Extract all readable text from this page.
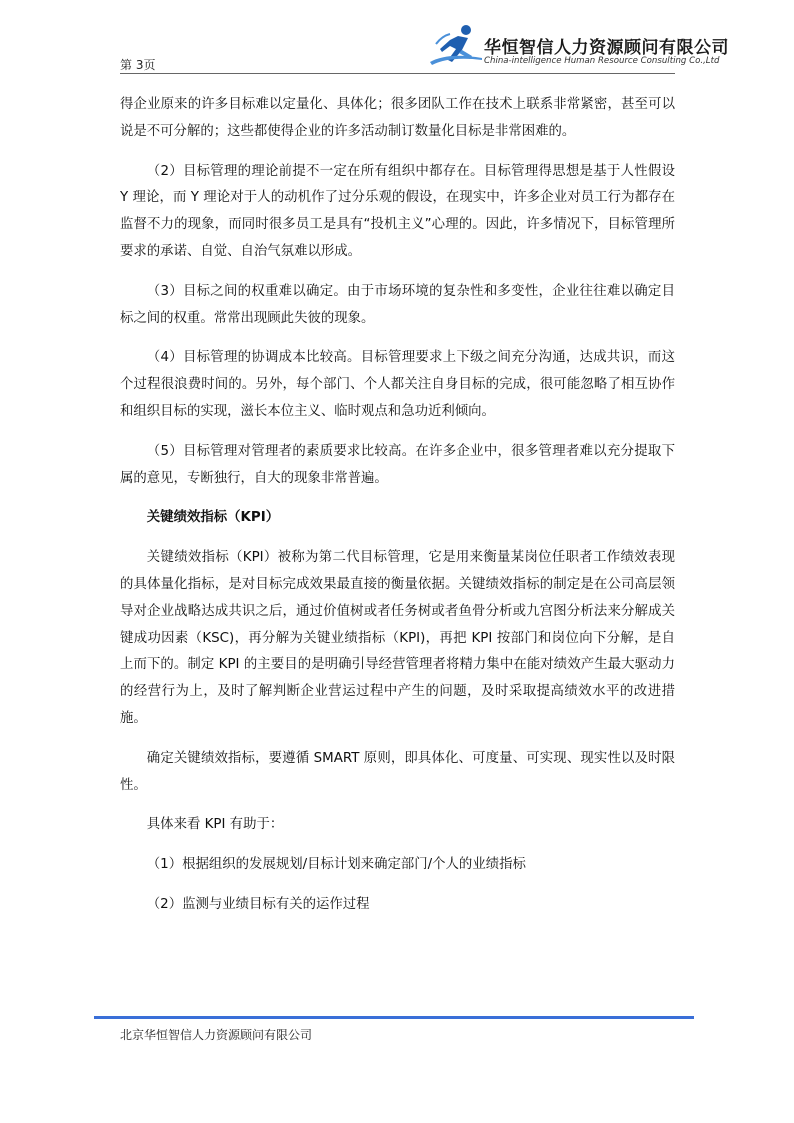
第 3页
华恒智信人力资源顾问有限公司
China-intelligence Human Resource Consulting Co.,Ltd

得企业原来的许多目标难以定量化、具体化；很多团队工作在技术上联系非常紧密，甚至可以说是不可分解的；这些都使得企业的许多活动制订数量化目标是非常困难的。

（2）目标管理的理论前提不一定在所有组织中都存在。目标管理得思想是基于人性假设 Y 理论，而 Y 理论对于人的动机作了过分乐观的假设，在现实中，许多企业对员工行为都存在监督不力的现象，而同时很多员工是具有“投机主义”心理的。因此，许多情况下，目标管理所要求的承诺、自觉、自治气氛难以形成。

（3）目标之间的权重难以确定。由于市场环境的复杂性和多变性，企业往往难以确定目标之间的权重。常常出现顾此失彼的现象。

（4）目标管理的协调成本比较高。目标管理要求上下级之间充分沟通，达成共识，而这个过程很浪费时间的。另外，每个部门、个人都关注自身目标的完成，很可能忽略了相互协作和组织目标的实现，滋长本位主义、临时观点和急功近利倾向。

（5）目标管理对管理者的素质要求比较高。在许多企业中，很多管理者难以充分提取下属的意见，专断独行，自大的现象非常普遍。

关键绩效指标（KPI）

关键绩效指标（KPI）被称为第二代目标管理，它是用来衡量某岗位任职者工作绩效表现的具体量化指标，是对目标完成效果最直接的衡量依据。关键绩效指标的制定是在公司高层领导对企业战略达成共识之后，通过价值树或者任务树或者鱼骨分析或九宫图分析法来分解成关键成功因素（KSC)，再分解为关键业绩指标（KPI)，再把 KPI 按部门和岗位向下分解，是自上而下的。制定 KPI 的主要目的是明确引导经营管理者将精力集中在能对绩效产生最大驱动力的经营行为上，及时了解判断企业营运过程中产生的问题，及时采取提高绩效水平的改进措施。

确定关键绩效指标，要遵循 SMART 原则，即具体化、可度量、可实现、现实性以及时限性。

具体来看 KPI 有助于：

（1）根据组织的发展规划/目标计划来确定部门/个人的业绩指标

（2）监测与业绩目标有关的运作过程

北京华恒智信人力资源顾问有限公司
